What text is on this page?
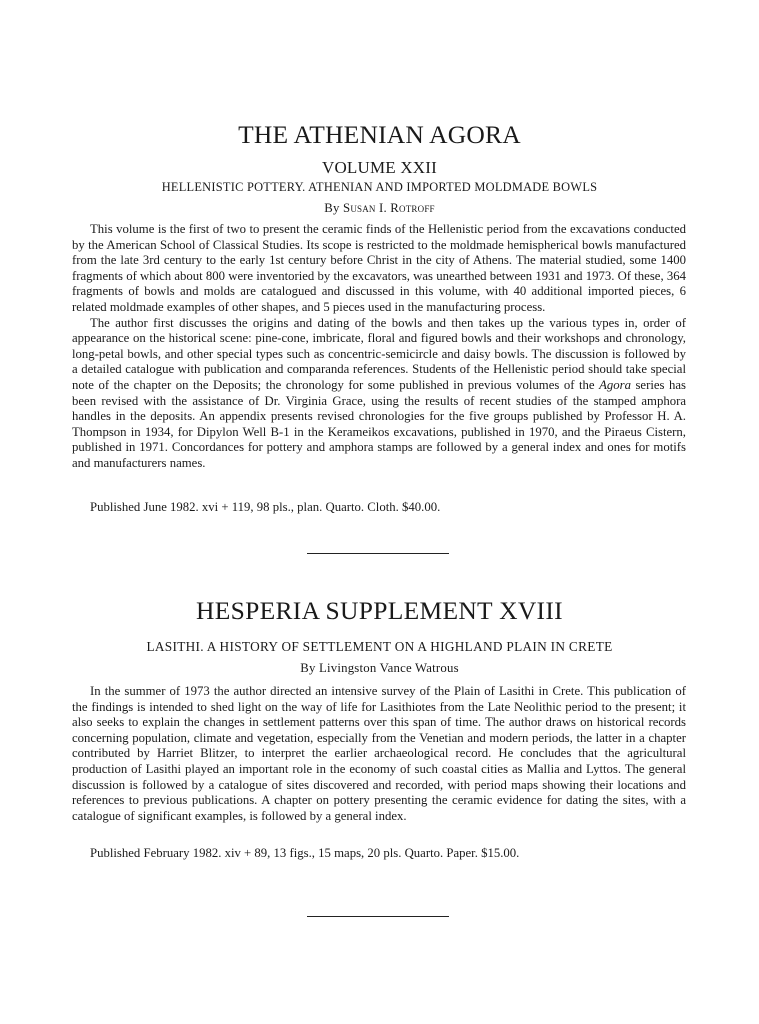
THE ATHENIAN AGORA
VOLUME XXII
HELLENISTIC POTTERY. ATHENIAN AND IMPORTED MOLDMADE BOWLS
By Susan I. Rotroff

This volume is the first of two to present the ceramic finds of the Hellenistic period from the excavations conducted by the American School of Classical Studies. Its scope is restricted to the moldmade hemispherical bowls manufactured from the late 3rd century to the early 1st century before Christ in the city of Athens. The material studied, some 1400 fragments of which about 800 were inventoried by the excavators, was unearthed between 1931 and 1973. Of these, 364 fragments of bowls and molds are catalogued and discussed in this volume, with 40 additional imported pieces, 6 related moldmade examples of other shapes, and 5 pieces used in the manufacturing process.

The author first discusses the origins and dating of the bowls and then takes up the various types in, order of appearance on the historical scene: pine-cone, imbricate, floral and figured bowls and their workshops and chronology, long-petal bowls, and other special types such as concentric-semicircle and daisy bowls. The discussion is followed by a detailed catalogue with publication and comparanda references. Students of the Hellenistic period should take special note of the chapter on the Deposits; the chronology for some published in previous volumes of the Agora series has been revised with the assistance of Dr. Virginia Grace, using the results of recent studies of the stamped amphora handles in the deposits. An appendix presents revised chronologies for the five groups published by Professor H. A. Thompson in 1934, for Dipylon Well B-1 in the Kerameikos excavations, published in 1970, and the Piraeus Cistern, published in 1971. Concordances for pottery and amphora stamps are followed by a general index and ones for motifs and manufacturers names.

Published June 1982. xvi + 119, 98 pls., plan. Quarto. Cloth. $40.00.

HESPERIA SUPPLEMENT XVIII
LASITHI. A HISTORY OF SETTLEMENT ON A HIGHLAND PLAIN IN CRETE
By Livingston Vance Watrous

In the summer of 1973 the author directed an intensive survey of the Plain of Lasithi in Crete. This publication of the findings is intended to shed light on the way of life for Lasithiotes from the Late Neolithic period to the present; it also seeks to explain the changes in settlement patterns over this span of time. The author draws on historical records concerning population, climate and vegetation, especially from the Venetian and modern periods, the latter in a chapter contributed by Harriet Blitzer, to interpret the earlier archaeological record. He concludes that the agricultural production of Lasithi played an important role in the economy of such coastal cities as Mallia and Lyttos. The general discussion is followed by a catalogue of sites discovered and recorded, with period maps showing their locations and references to previous publications. A chapter on pottery presenting the ceramic evidence for dating the sites, with a catalogue of significant examples, is followed by a general index.

Published February 1982. xiv + 89, 13 figs., 15 maps, 20 pls. Quarto. Paper. $15.00.
